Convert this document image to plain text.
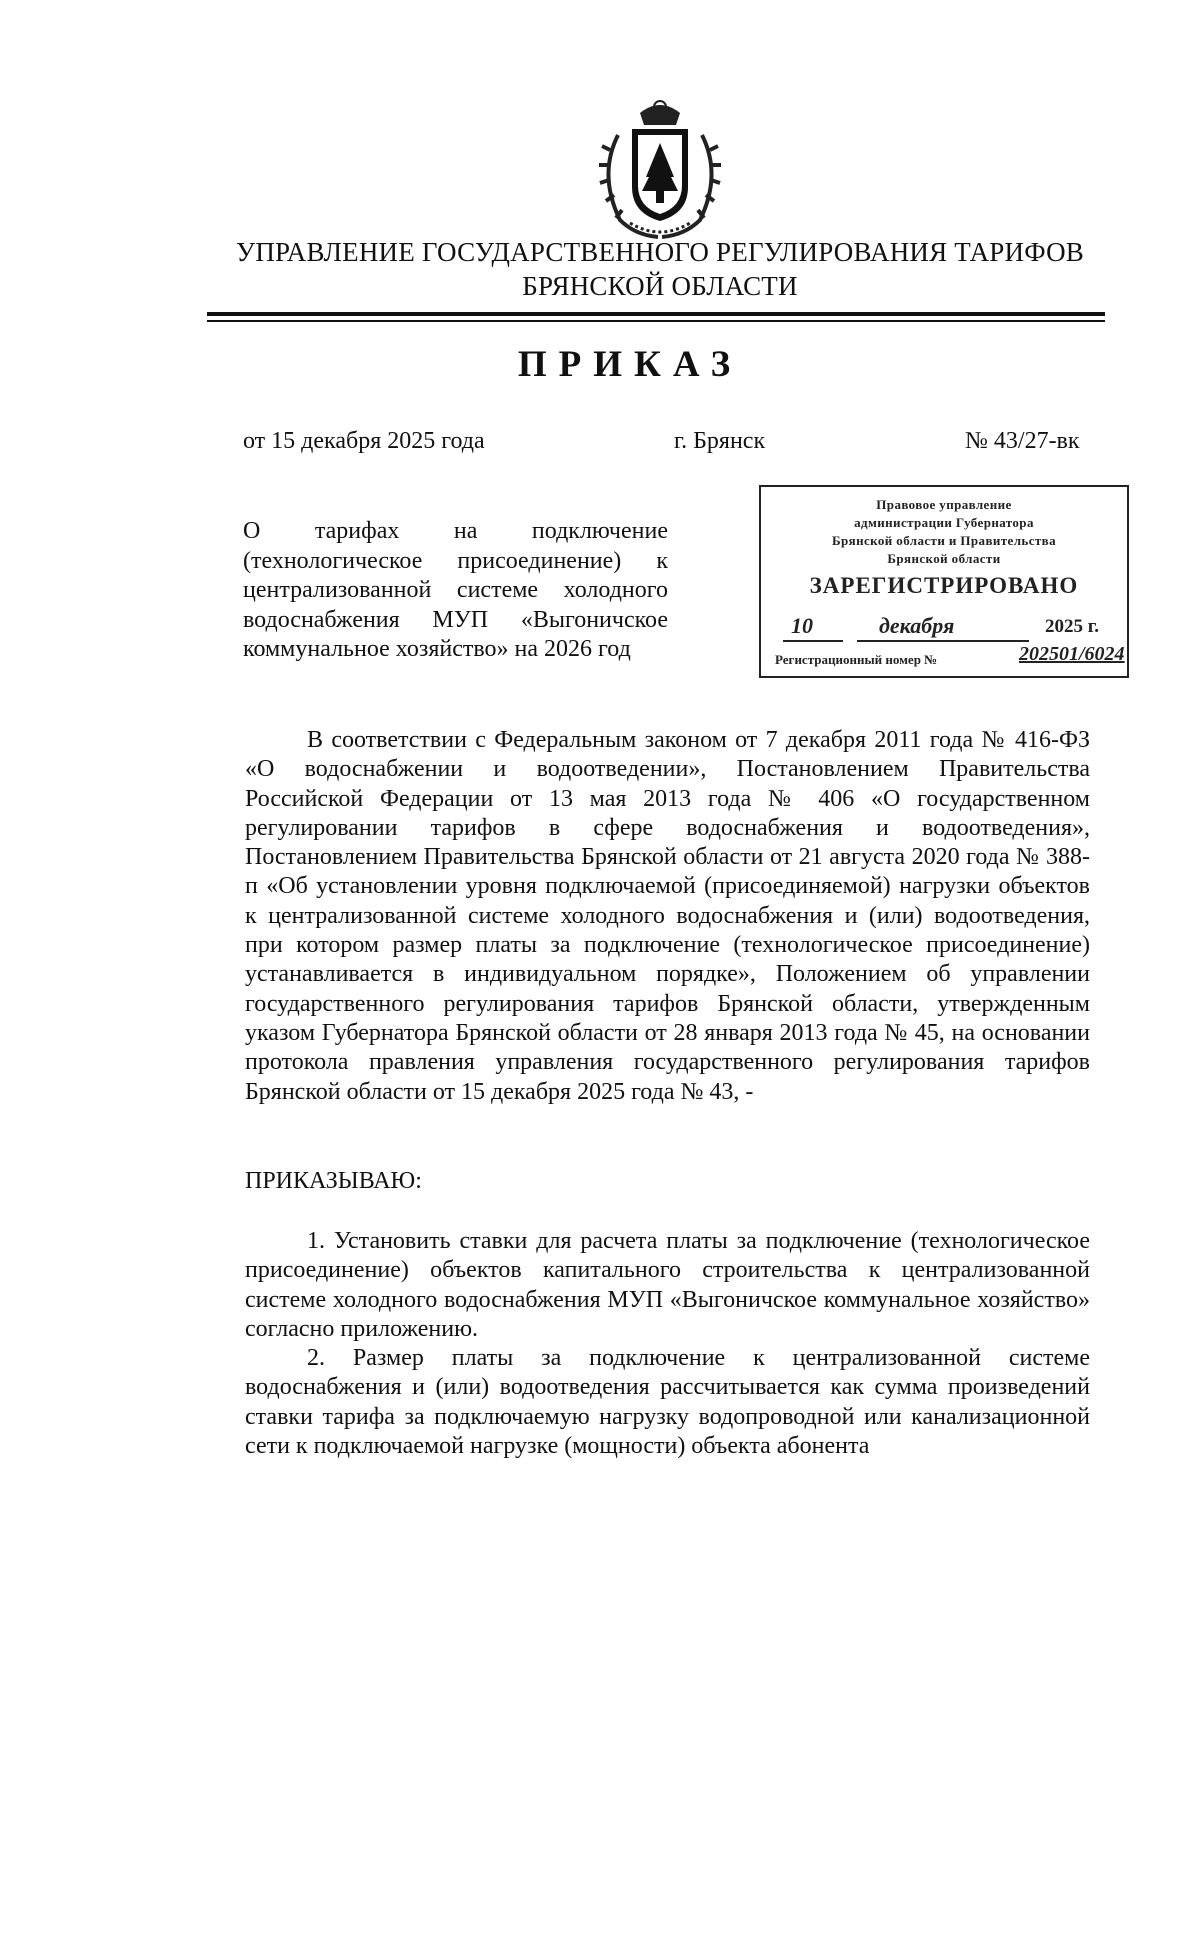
УПРАВЛЕНИЕ ГОСУДАРСТВЕННОГО РЕГУЛИРОВАНИЯ ТАРИФОВ
БРЯНСКОЙ ОБЛАСТИ
ПРИКАЗ
от 15 декабря 2025 года	г. Брянск	№ 43/27-вк
О тарифах на подключение (технологическое присоединение) к централизованной системе холодного водоснабжения МУП «Выгоничское коммунальное хозяйство» на 2026 год
Правовое управление
администрации Губернатора
Брянской области и Правительства
Брянской области
ЗАРЕГИСТРИРОВАНО
10	декабря	2025 г.
Регистрационный номер №	202501/6024
В соответствии с Федеральным законом от 7 декабря 2011 года № 416-ФЗ «О водоснабжении и водоотведении», Постановлением Правительства Российской Федерации от 13 мая 2013 года № 406 «О государственном регулировании тарифов в сфере водоснабжения и водоотведения», Постановлением Правительства Брянской области от 21 августа 2020 года № 388-п «Об установлении уровня подключаемой (присоединяемой) нагрузки объектов к централизованной системе холодного водоснабжения и (или) водоотведения, при котором размер платы за подключение (технологическое присоединение) устанавливается в индивидуальном порядке», Положением об управлении государственного регулирования тарифов Брянской области, утвержденным указом Губернатора Брянской области от 28 января 2013 года № 45, на основании протокола правления управления государственного регулирования тарифов Брянской области от 15 декабря 2025 года № 43, -
ПРИКАЗЫВАЮ:
1. Установить ставки для расчета платы за подключение (технологическое присоединение) объектов капитального строительства к централизованной системе холодного водоснабжения МУП «Выгоничское коммунальное хозяйство» согласно приложению.
2. Размер платы за подключение к централизованной системе водоснабжения и (или) водоотведения рассчитывается как сумма произведений ставки тарифа за подключаемую нагрузку водопроводной или канализационной сети к подключаемой нагрузке (мощности) объекта абонента
